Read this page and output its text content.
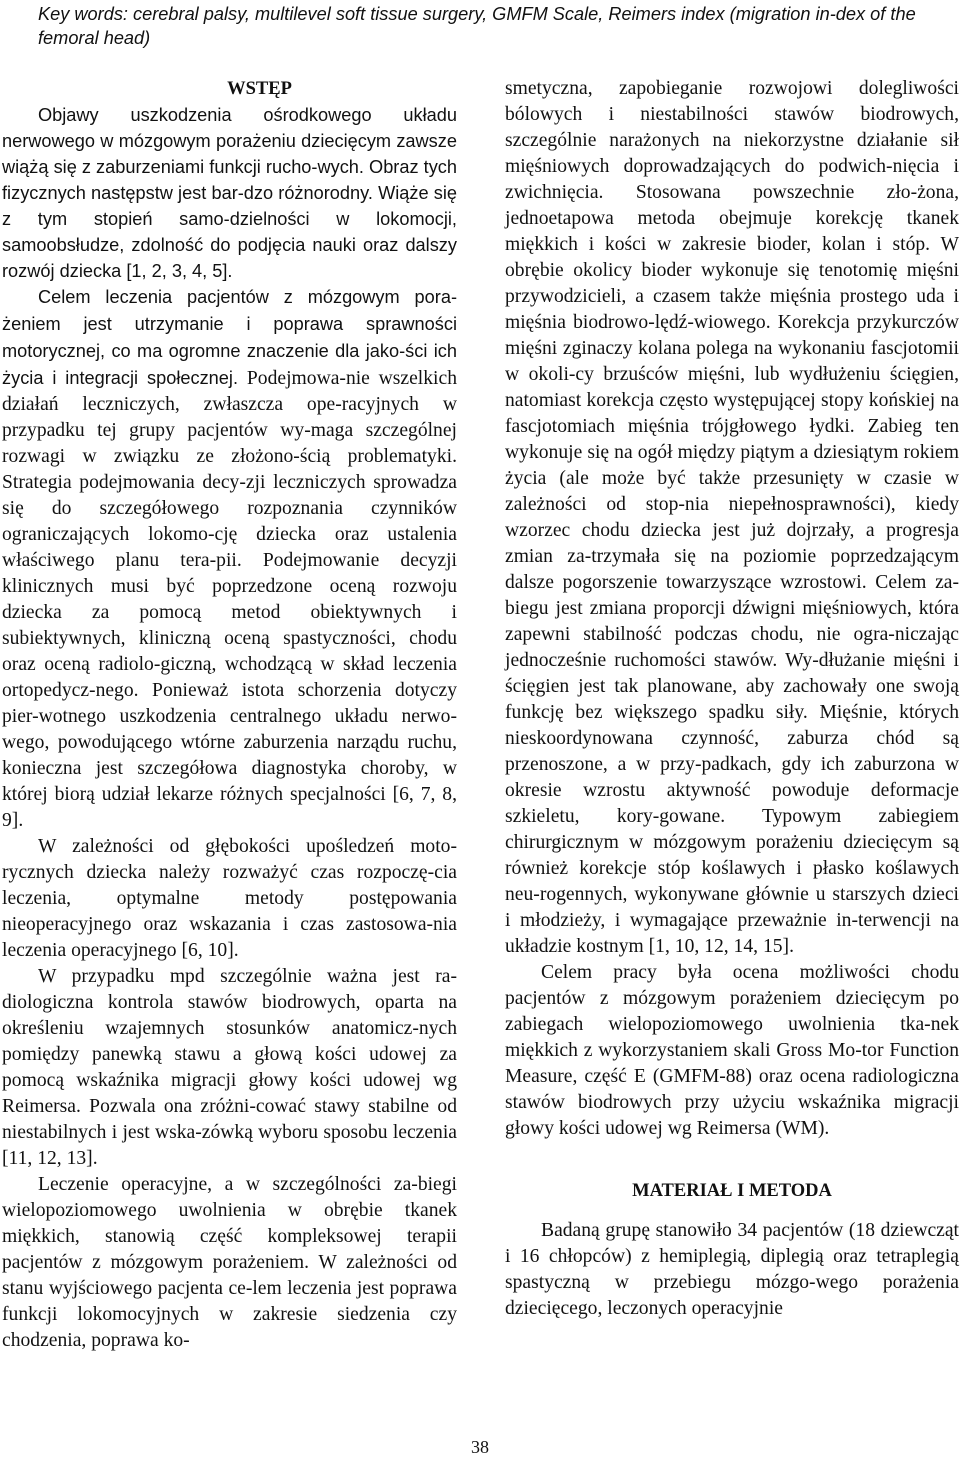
Key words: cerebral palsy, multilevel soft tissue surgery, GMFM Scale, Reimers index (migration in-dex of the femoral head)

WSTĘP

Objawy uszkodzenia ośrodkowego układu nerwowego w mózgowym porażeniu dziecięcym zawsze wiążą się z zaburzeniami funkcji rucho-wych. Obraz tych fizycznych następstw jest bar-dzo różnorodny. Wiąże się z tym stopień samo-dzielności w lokomocji, samoobsłudze, zdolność do podjęcia nauki oraz dalszy rozwój dziecka [1, 2, 3, 4, 5].

Celem leczenia pacjentów z mózgowym pora-żeniem jest utrzymanie i poprawa sprawności motorycznej, co ma ogromne znaczenie dla jako-ści ich życia i integracji społecznej. Podejmowa-nie wszelkich działań leczniczych, zwłaszcza ope-racyjnych w przypadku tej grupy pacjentów wy-maga szczególnej rozwagi w związku ze złożono-ścią problematyki. Strategia podejmowania decy-zji leczniczych sprowadza się do szczegółowego rozpoznania czynników ograniczających lokomo-cję dziecka oraz ustalenia właściwego planu tera-pii. Podejmowanie decyzji klinicznych musi być poprzedzone oceną rozwoju dziecka za pomocą metod obiektywnych i subiektywnych, kliniczną oceną spastyczności, chodu oraz oceną radiolo-giczną, wchodzącą w skład leczenia ortopedycz-nego. Ponieważ istota schorzenia dotyczy pier-wotnego uszkodzenia centralnego układu nerwo-wego, powodującego wtórne zaburzenia narządu ruchu, konieczna jest szczegółowa diagnostyka choroby, w której biorą udział lekarze różnych specjalności [6, 7, 8, 9].

W zależności od głębokości upośledzeń moto-rycznych dziecka należy rozważyć czas rozpoczę-cia leczenia, optymalne metody postępowania nieoperacyjnego oraz wskazania i czas zastosowa-nia leczenia operacyjnego [6, 10].

W przypadku mpd szczególnie ważna jest ra-diologiczna kontrola stawów biodrowych, oparta na określeniu wzajemnych stosunków anatomicz-nych pomiędzy panewką stawu a głową kości udowej za pomocą wskaźnika migracji głowy kości udowej wg Reimersa. Pozwala ona zróżni-cować stawy stabilne od niestabilnych i jest wska-zówką wyboru sposobu leczenia [11, 12, 13].

Leczenie operacyjne, a w szczególności za-biegi wielopoziomowego uwolnienia w obrębie tkanek miękkich, stanowią część kompleksowej terapii pacjentów z mózgowym porażeniem. W zależności od stanu wyjściowego pacjenta ce-lem leczenia jest poprawa funkcji lokomocyjnych w zakresie siedzenia czy chodzenia, poprawa ko-

smetyczna, zapobieganie rozwojowi dolegliwości bólowych i niestabilności stawów biodrowych, szczególnie narażonych na niekorzystne działanie sił mięśniowych doprowadzających do podwich-nięcia i zwichnięcia. Stosowana powszechnie zło-żona, jednoetapowa metoda obejmuje korekcję tkanek miękkich i kości w zakresie bioder, kolan i stóp. W obrębie okolicy bioder wykonuje się tenotomię mięśni przywodzicieli, a czasem także mięśnia prostego uda i mięśnia biodrowo-lędź-wiowego. Korekcja przykurczów mięśni zginaczy kolana polega na wykonaniu fascjotomii w okoli-cy brzuśców mięśni, lub wydłużeniu ścięgien, natomiast korekcja często występującej stopy końskiej na fascjotomiach mięśnia trójgłowego łydki. Zabieg ten wykonuje się na ogół między piątym a dziesiątym rokiem życia (ale może być także przesunięty w czasie w zależności od stop-nia niepełnosprawności), kiedy wzorzec chodu dziecka jest już dojrzały, a progresja zmian za-trzymała się na poziomie poprzedzającym dalsze pogorszenie towarzyszące wzrostowi. Celem za-biegu jest zmiana proporcji dźwigni mięśniowych, która zapewni stabilność podczas chodu, nie ogra-niczając jednocześnie ruchomości stawów. Wy-dłużanie mięśni i ścięgien jest tak planowane, aby zachowały one swoją funkcję bez większego spadku siły. Mięśnie, których nieskoordynowana czynność, zaburza chód są przenoszone, a w przy-padkach, gdy ich zaburzona w okresie wzrostu aktywność powoduje deformacje szkieletu, kory-gowane. Typowym zabiegiem chirurgicznym w mózgowym porażeniu dziecięcym są również korekcje stóp koślawych i płasko koślawych neu-rogennych, wykonywane głównie u starszych dzieci i młodzieży, i wymagające przeważnie in-terwencji na układzie kostnym [1, 10, 12, 14, 15].

Celem pracy była ocena możliwości chodu pacjentów z mózgowym porażeniem dziecięcym po zabiegach wielopoziomowego uwolnienia tka-nek miękkich z wykorzystaniem skali Gross Mo-tor Function Measure, część E (GMFM-88) oraz ocena radiologiczna stawów biodrowych przy użyciu wskaźnika migracji głowy kości udowej wg Reimersa (WM).

MATERIAŁ I METODA

Badaną grupę stanowiło 34 pacjentów (18 dziewcząt i 16 chłopców) z hemiplegią, diplegią oraz tetraplegią spastyczną w przebiegu mózgo-wego porażenia dziecięcego, leczonych operacyjnie

38
